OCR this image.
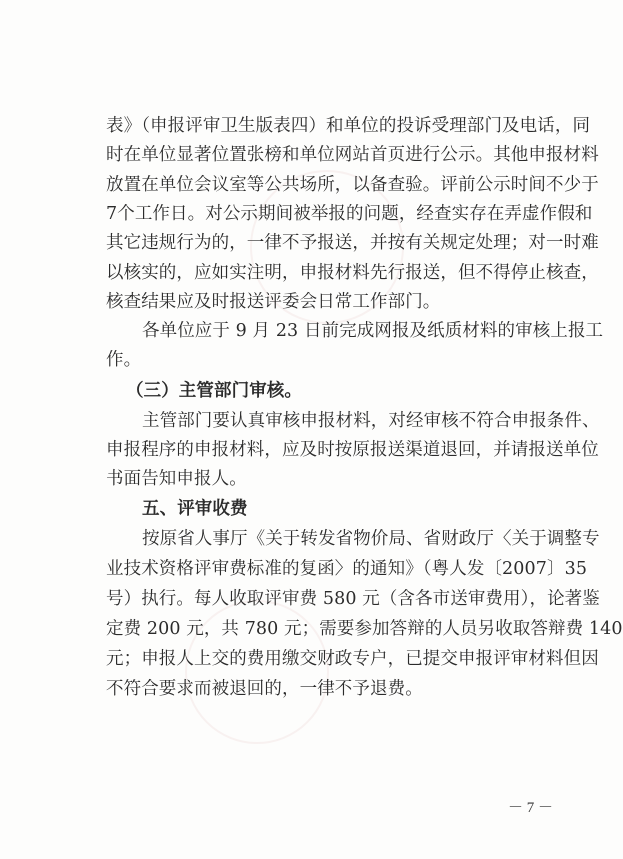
表》（申报评审卫生版表四）和单位的投诉受理部门及电话，同
时在单位显著位置张榜和单位网站首页进行公示。其他申报材料
放置在单位会议室等公共场所，以备查验。评前公示时间不少于
7个工作日。对公示期间被举报的问题，经查实存在弄虚作假和
其它违规行为的，一律不予报送，并按有关规定处理；对一时难
以核实的，应如实注明，申报材料先行报送，但不得停止核查，
核查结果应及时报送评委会日常工作部门。
各单位应于 9 月 23 日前完成网报及纸质材料的审核上报工
作。
（三）主管部门审核。
主管部门要认真审核申报材料，对经审核不符合申报条件、
申报程序的申报材料，应及时按原报送渠道退回，并请报送单位
书面告知申报人。
五、评审收费
按原省人事厅《关于转发省物价局、省财政厅〈关于调整专
业技术资格评审费标准的复函〉的通知》（粤人发〔2007〕35
号）执行。每人收取评审费 580 元（含各市送审费用），论著鉴
定费 200 元，共 780 元；需要参加答辩的人员另收取答辩费 140
元；申报人上交的费用缴交财政专户，已提交申报评审材料但因
不符合要求而被退回的，一律不予退费。
－ 7 －
